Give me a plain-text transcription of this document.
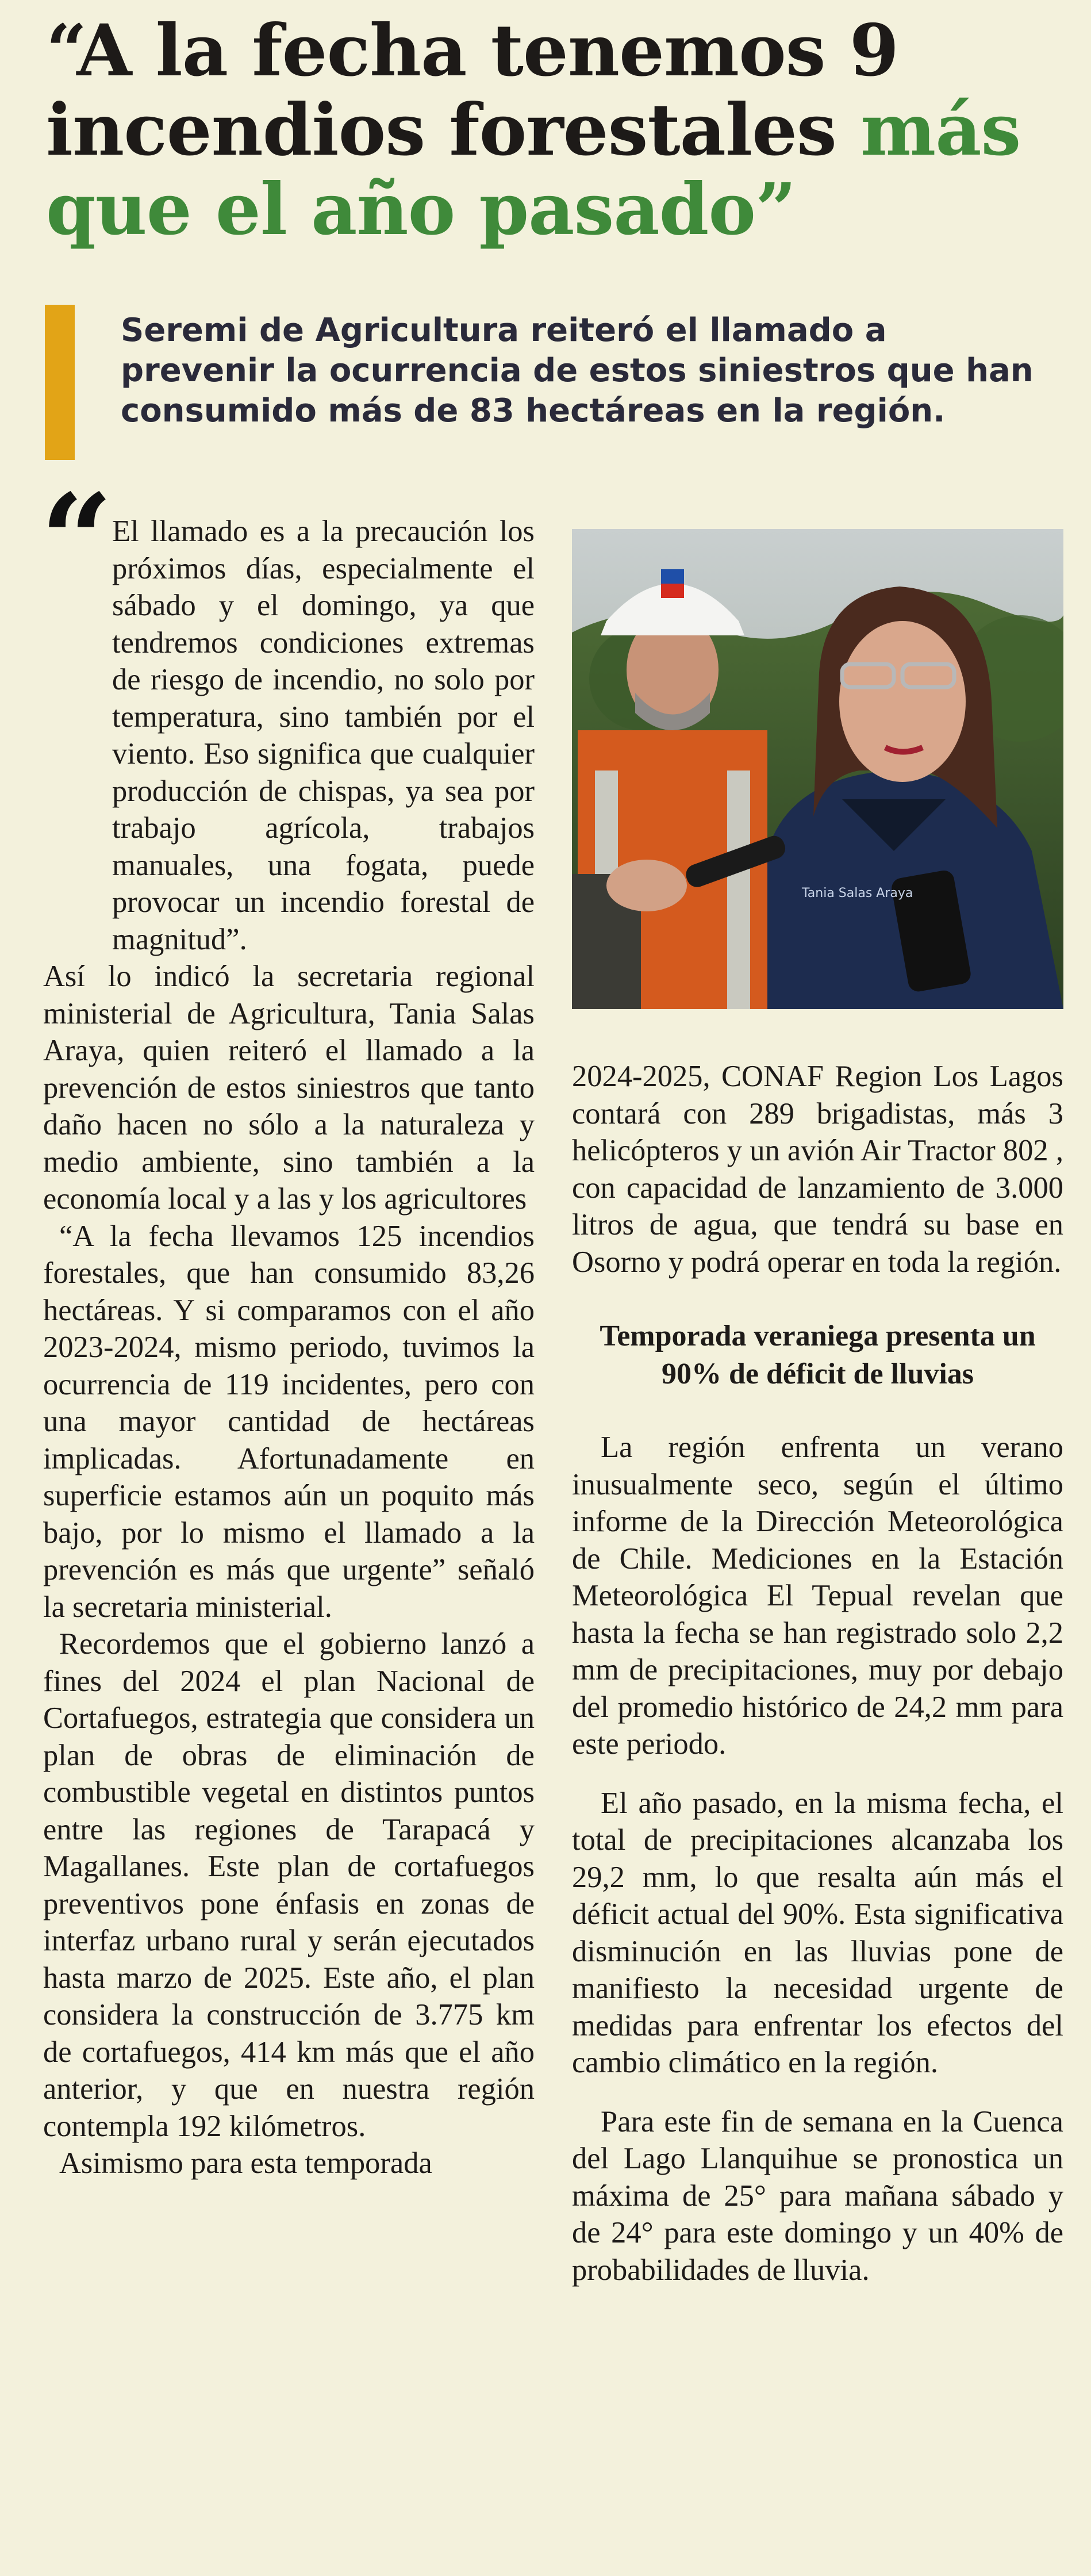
“A la fecha tenemos 9 incendios forestales más que el año pasado”

Seremi de Agricultura reiteró el llamado a prevenir la ocurrencia de estos siniestros que han consumido más de 83 hectáreas en la región.

“

El llamado es a la precaución los próximos días, especialmente el sábado y el domingo, ya que tendremos condiciones extremas de riesgo de incendio, no solo por temperatura, sino también por el viento. Eso significa que cualquier producción de chispas, ya sea por trabajo agrícola, trabajos manuales, una fogata, puede provocar un incendio forestal de magnitud”.

Así lo indicó la secretaria regional ministerial de Agricultura, Tania Salas Araya, quien reiteró el llamado a la prevención de estos siniestros que tanto daño hacen no sólo a la naturaleza y medio ambiente, sino también a la economía local y a las y los agricultores

“A la fecha llevamos 125 incendios forestales, que han consumido 83,26 hectáreas. Y si comparamos con el año 2023-2024, mismo periodo, tuvimos la ocurrencia de 119 incidentes, pero con una mayor cantidad de hectáreas implicadas. Afortunadamente en superficie estamos aún un poquito más bajo, por lo mismo el llamado a la prevención es más que urgente” señaló la secretaria ministerial.

Recordemos que el gobierno lanzó a fines del 2024 el plan Nacional de Cortafuegos, estrategia que considera un plan de obras de eliminación de combustible vegetal en distintos puntos entre las regiones de Tarapacá y Magallanes. Este plan de cortafuegos preventivos pone énfasis en zonas de interfaz urbano rural y serán ejecutados hasta marzo de 2025. Este año, el plan considera la construcción de 3.775 km de cortafuegos, 414 km más que el año anterior, y que en nuestra región contempla 192 kilómetros.

Asimismo para esta temporada

Tania Salas Araya

2024-2025, CONAF Region Los Lagos contará con 289 brigadistas, más 3 helicópteros y un avión Air Tractor 802 , con capacidad de lanzamiento de 3.000 litros de agua, que tendrá su base en Osorno y podrá operar en toda la región.

Temporada veraniega presenta un 90% de déficit de lluvias

La región enfrenta un verano inusualmente seco, según el último informe de la Dirección Meteorológica de Chile. Mediciones en la Estación Meteorológica El Tepual revelan que hasta la fecha se han registrado solo 2,2 mm de precipitaciones, muy por debajo del promedio histórico de 24,2 mm para este periodo.

El año pasado, en la misma fecha, el total de precipitaciones alcanzaba los 29,2 mm, lo que resalta aún más el déficit actual del 90%. Esta significativa disminución en las lluvias pone de manifiesto la necesidad urgente de medidas para enfrentar los efectos del cambio climático en la región.

Para este fin de semana en la Cuenca del Lago Llanquihue se pronostica un máxima de 25° para mañana sábado y de 24° para este domingo y un 40% de probabilidades de lluvia.
